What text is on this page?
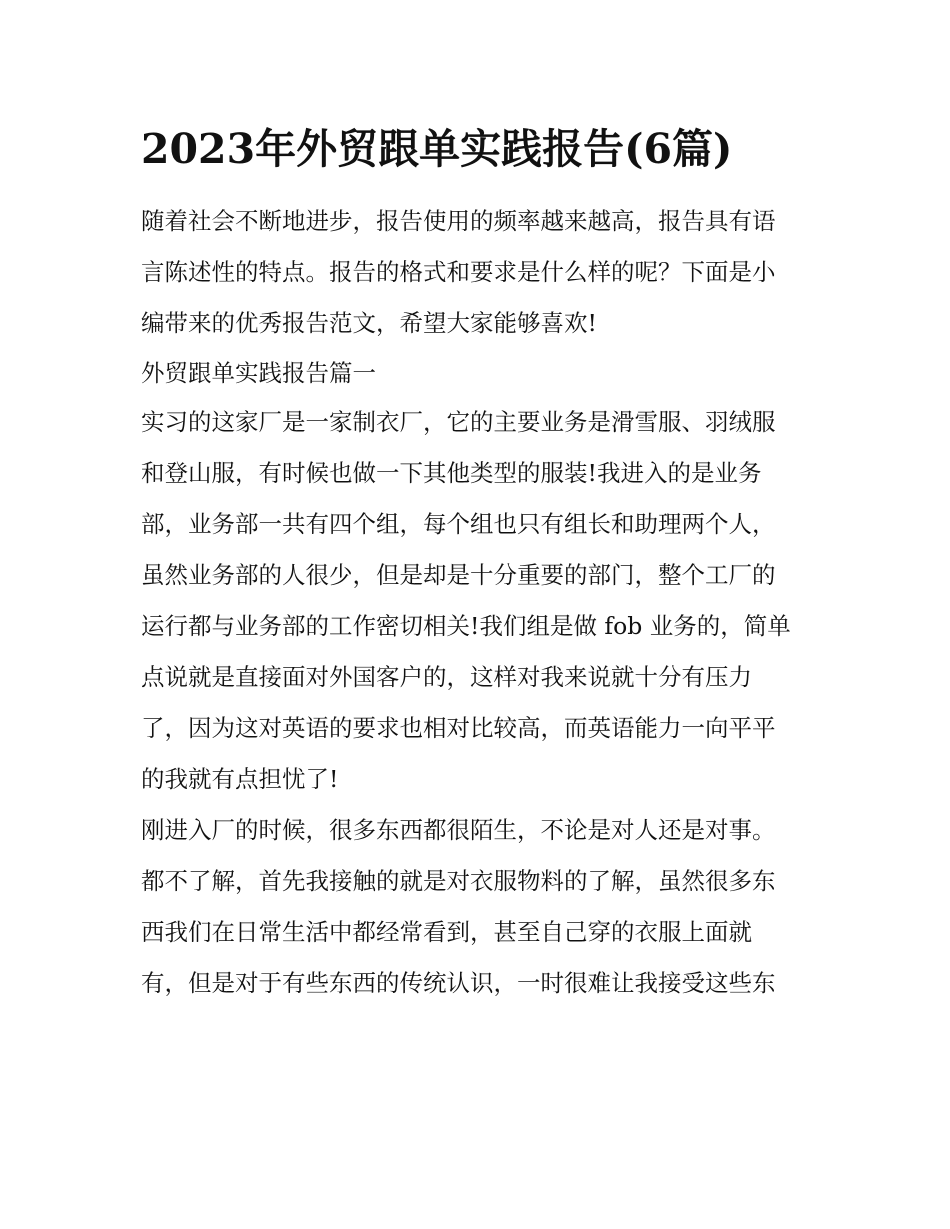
2023年外贸跟单实践报告(6篇)
随着社会不断地进步，报告使用的频率越来越高，报告具有语
言陈述性的特点。报告的格式和要求是什么样的呢？下面是小
编带来的优秀报告范文，希望大家能够喜欢!
外贸跟单实践报告篇一
实习的这家厂是一家制衣厂，它的主要业务是滑雪服、羽绒服
和登山服，有时候也做一下其他类型的服装!我进入的是业务
部，业务部一共有四个组，每个组也只有组长和助理两个人，
虽然业务部的人很少，但是却是十分重要的部门，整个工厂的
运行都与业务部的工作密切相关!我们组是做 fob 业务的，简单
点说就是直接面对外国客户的，这样对我来说就十分有压力
了，因为这对英语的要求也相对比较高，而英语能力一向平平
的我就有点担忧了!
刚进入厂的时候，很多东西都很陌生，不论是对人还是对事。
都不了解，首先我接触的就是对衣服物料的了解，虽然很多东
西我们在日常生活中都经常看到，甚至自己穿的衣服上面就
有，但是对于有些东西的传统认识，一时很难让我接受这些东
